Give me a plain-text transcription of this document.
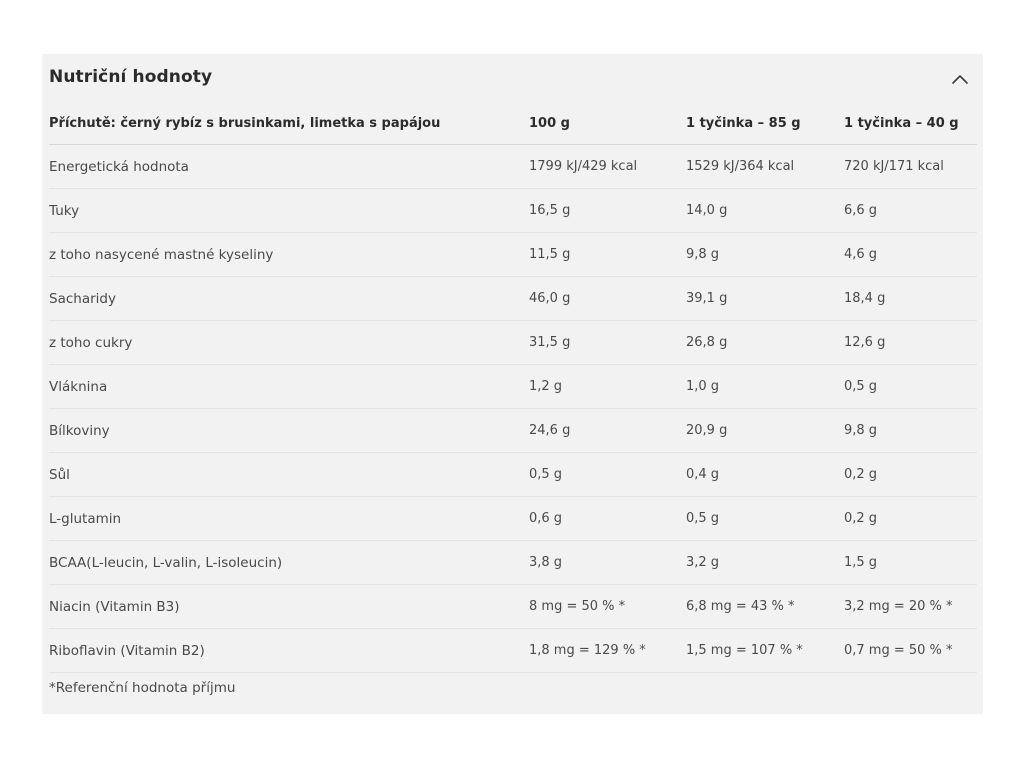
Nutriční hodnoty
Příchutě: černý rybíz s brusinkami, limetka s papájou	100 g	1 tyčinka – 85 g	1 tyčinka – 40 g
Energetická hodnota	1799 kJ/429 kcal	1529 kJ/364 kcal	720 kJ/171 kcal
Tuky	16,5 g	14,0 g	6,6 g
z toho nasycené mastné kyseliny	11,5 g	9,8 g	4,6 g
Sacharidy	46,0 g	39,1 g	18,4 g
z toho cukry	31,5 g	26,8 g	12,6 g
Vláknina	1,2 g	1,0 g	0,5 g
Bílkoviny	24,6 g	20,9 g	9,8 g
Sůl	0,5 g	0,4 g	0,2 g
L-glutamin	0,6 g	0,5 g	0,2 g
BCAA(L-leucin, L-valin, L-isoleucin)	3,8 g	3,2 g	1,5 g
Niacin (Vitamin B3)	8 mg = 50 % *	6,8 mg = 43 % *	3,2 mg = 20 % *
Riboflavin (Vitamin B2)	1,8 mg = 129 % *	1,5 mg = 107 % *	0,7 mg = 50 % *
*Referenční hodnota příjmu
